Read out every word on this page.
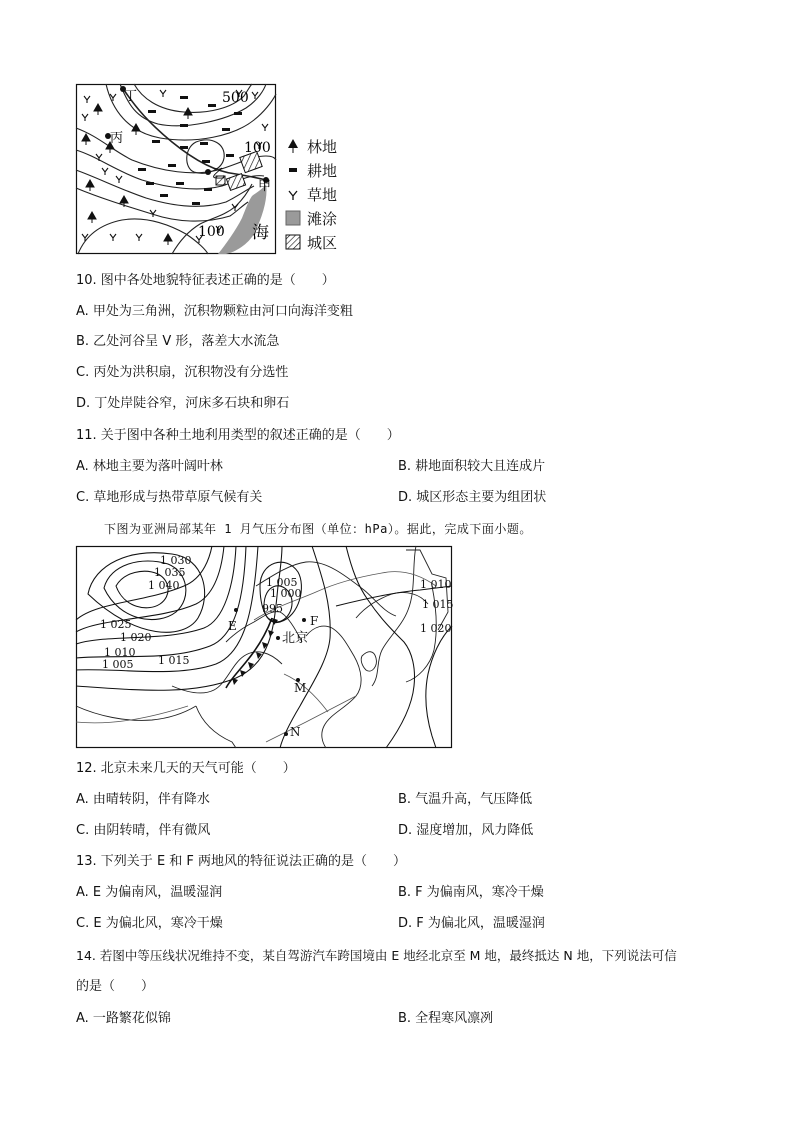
丁
丙
乙
甲
海
500
100
100
林地
耕地
草地
滩涂
城区
10. 图中各处地貌特征表述正确的是（　　）
A. 甲处为三角洲，沉积物颗粒由河口向海洋变粗
B. 乙处河谷呈 V 形，落差大水流急
C. 丙处为洪积扇，沉积物没有分选性
D. 丁处岸陡谷窄，河床多石块和卵石
11. 关于图中各种土地利用类型的叙述正确的是（　　）
A. 林地主要为落叶阔叶林	B. 耕地面积较大且连成片
C. 草地形成与热带草原气候有关	D. 城区形态主要为组团状
下图为亚洲局部某年 1 月气压分布图（单位：hPa）。据此，完成下面小题。
1 030
1 035
1 040
1 025
1 020
1 015
1 010
1 005
1 005
1 000
995
1 010
1 015
1 020
E	F
北京
M
N
12. 北京未来几天的天气可能（　　）
A. 由晴转阴，伴有降水	B. 气温升高，气压降低
C. 由阴转晴，伴有微风	D. 湿度增加，风力降低
13. 下列关于 E 和 F 两地风的特征说法正确的是（　　）
A. E 为偏南风，温暖湿润	B. F 为偏南风，寒冷干燥
C. E 为偏北风，寒冷干燥	D. F 为偏北风，温暖湿润
14. 若图中等压线状况维持不变，某自驾游汽车跨国境由 E 地经北京至 M 地，最终抵达 N 地，下列说法可信
的是（　　）
A. 一路繁花似锦	B. 全程寒风凛冽
